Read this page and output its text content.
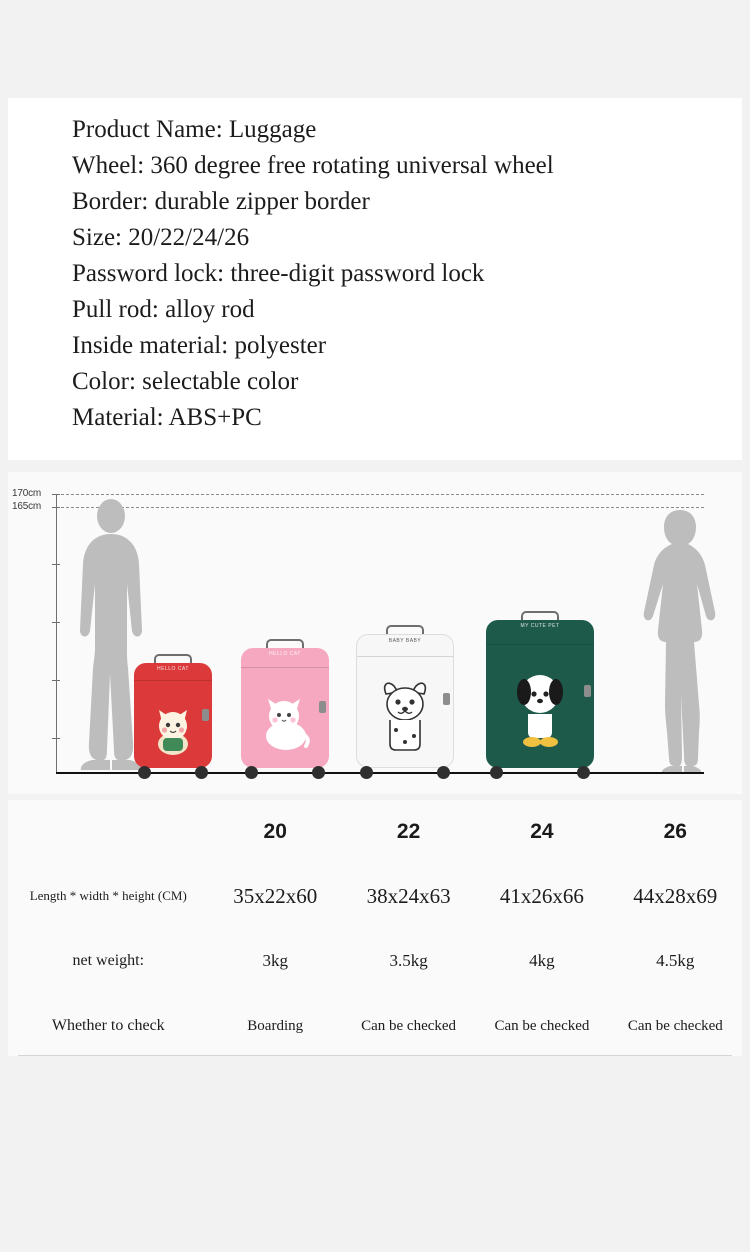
Product Name: Luggage
Wheel: 360 degree free rotating universal wheel
Border: durable zipper border
Size: 20/22/24/26
Password lock: three-digit password lock
Pull rod: alloy rod
Inside material: polyester
Color: selectable color
Material: ABS+PC
170cm
165cm
HELLO CAT
HELLO CAT
BABY BABY
MY CUTE PET
	20	22	24	26
Length * width * height (CM)	35x22x60	38x24x63	41x26x66	44x28x69
net weight:	3kg	3.5kg	4kg	4.5kg
Whether to check	Boarding	Can be checked	Can be checked	Can be checked
